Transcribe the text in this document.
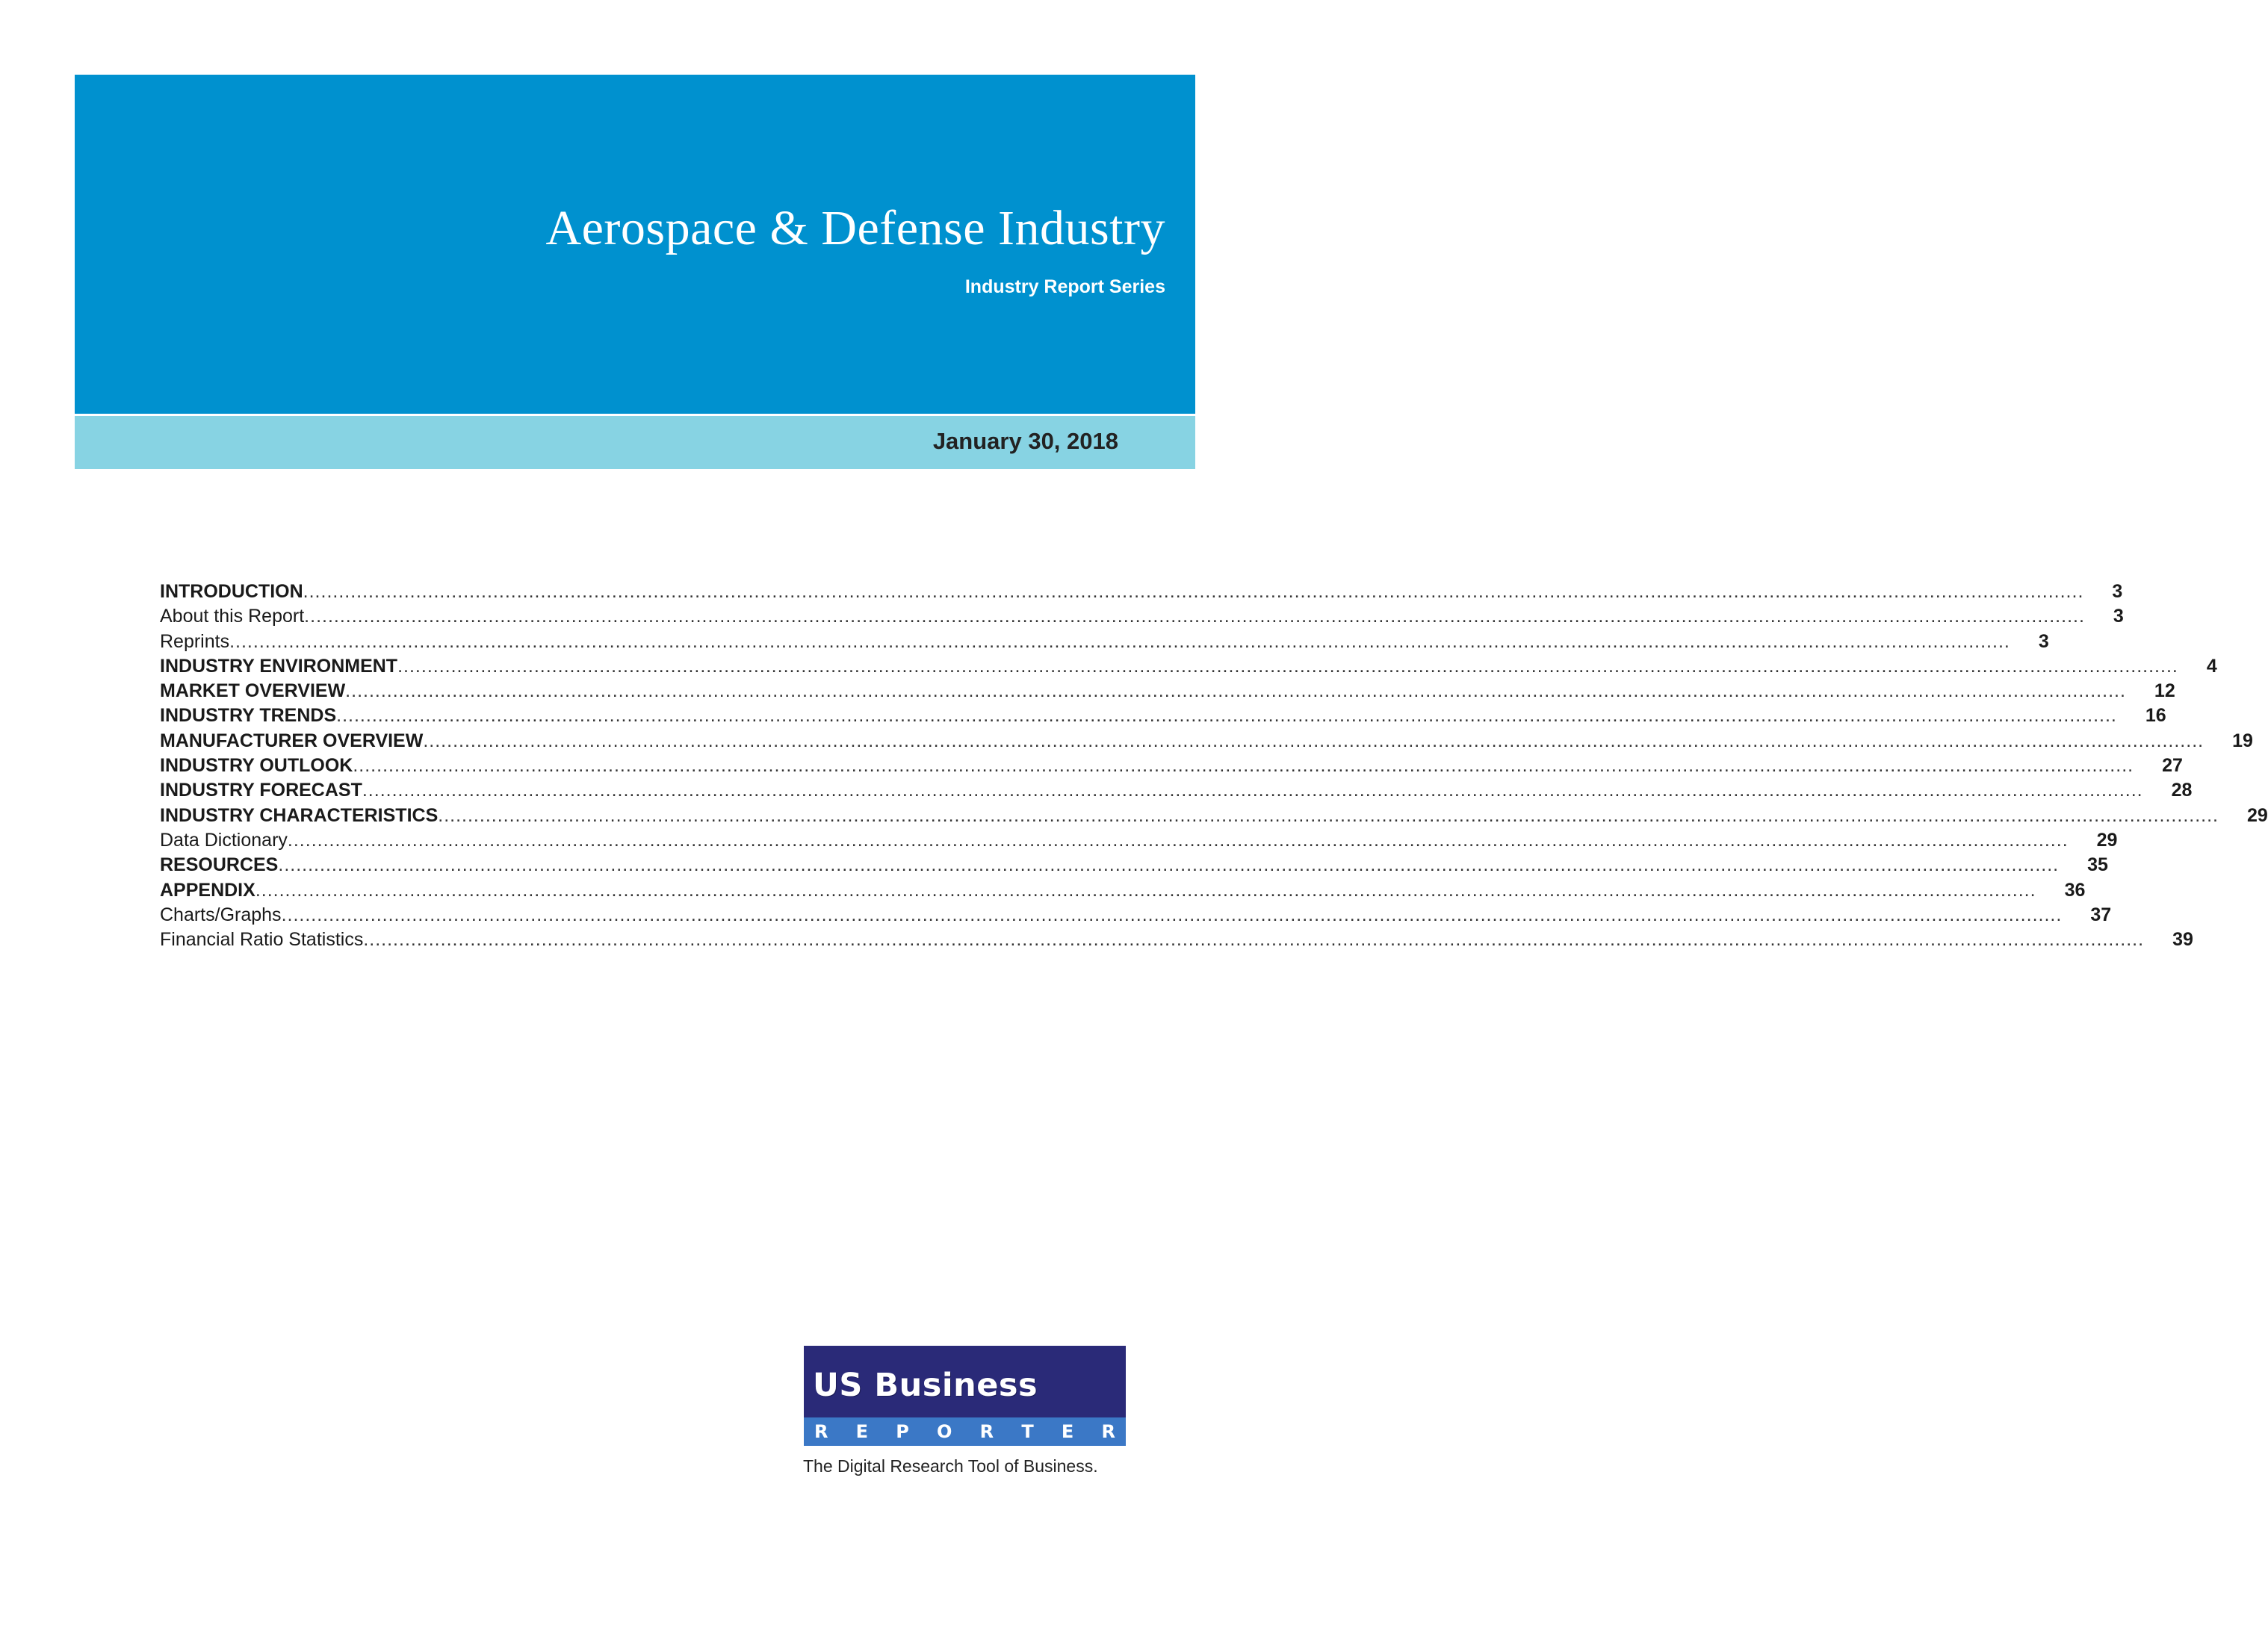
Aerospace & Defense Industry
Industry Report Series
January 30, 2018
INTRODUCTION ............................................................................................................................................................................................................................................................................................................ 3
About this Report ............................................................................................................................................................................................................................................................................................................ 3
Reprints ............................................................................................................................................................................................................................................................................................................ 3
INDUSTRY ENVIRONMENT ............................................................................................................................................................................................................................................................................................................ 4
MARKET OVERVIEW ............................................................................................................................................................................................................................................................................................................ 12
INDUSTRY TRENDS ............................................................................................................................................................................................................................................................................................................ 16
MANUFACTURER OVERVIEW ............................................................................................................................................................................................................................................................................................................ 19
INDUSTRY OUTLOOK ............................................................................................................................................................................................................................................................................................................ 27
INDUSTRY FORECAST ............................................................................................................................................................................................................................................................................................................ 28
INDUSTRY CHARACTERISTICS ............................................................................................................................................................................................................................................................................................................ 29
Data Dictionary ............................................................................................................................................................................................................................................................................................................ 29
RESOURCES ............................................................................................................................................................................................................................................................................................................ 35
APPENDIX ............................................................................................................................................................................................................................................................................................................ 36
Charts/Graphs ............................................................................................................................................................................................................................................................................................................ 37
Financial Ratio Statistics ............................................................................................................................................................................................................................................................................................................ 39
US Business
R E P O R T E R
The Digital Research Tool of Business.
